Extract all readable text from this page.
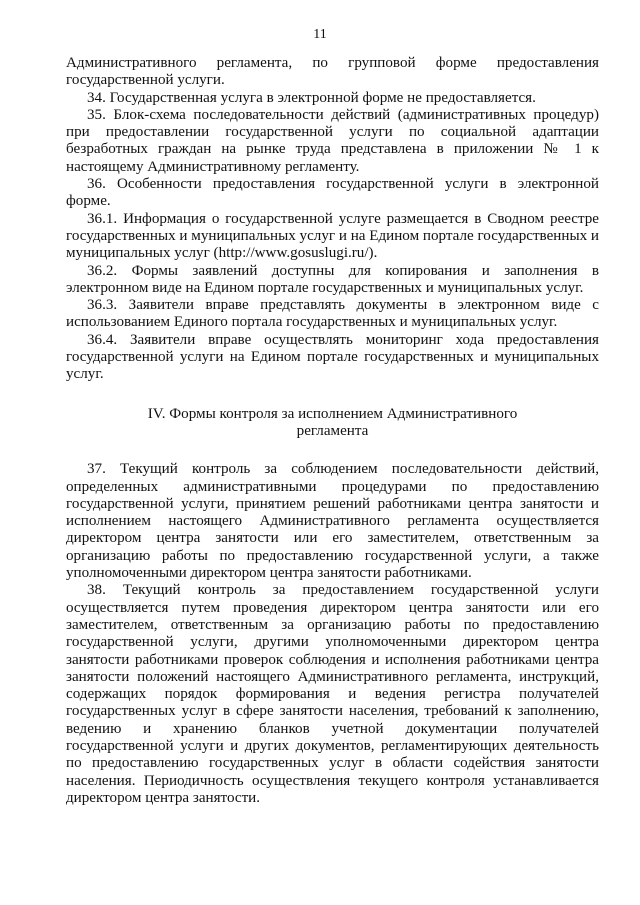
11

Административного регламента, по групповой форме предоставления государственной услуги.

34. Государственная услуга в электронной форме не предоставляется.

35. Блок-схема последовательности действий (административных процедур) при предоставлении государственной услуги по социальной адаптации безработных граждан на рынке труда представлена в приложении № 1 к настоящему Административному регламенту.

36. Особенности предоставления государственной услуги в электронной форме.

36.1. Информация о государственной услуге размещается в Сводном реестре государственных и муниципальных услуг и на Едином портале государственных и муниципальных услуг (http://www.gosuslugi.ru/).

36.2. Формы заявлений доступны для копирования и заполнения в электронном виде на Едином портале государственных и муниципальных услуг.

36.3. Заявители вправе представлять документы в электронном виде с использованием Единого портала государственных и муниципальных услуг.

36.4. Заявители вправе осуществлять мониторинг хода предоставления государственной услуги на Едином портале государственных и муниципальных услуг.

IV. Формы контроля за исполнением Административного
регламента

37. Текущий контроль за соблюдением последовательности действий, определенных административными процедурами по предоставлению государственной услуги, принятием решений работниками центра занятости и исполнением настоящего Административного регламента осуществляется директором центра занятости или его заместителем, ответственным за организацию работы по предоставлению государственной услуги, а также уполномоченными директором центра занятости работниками.

38. Текущий контроль за предоставлением государственной услуги осуществляется путем проведения директором центра занятости или его заместителем, ответственным за организацию работы по предоставлению государственной услуги, другими уполномоченными директором центра занятости работниками проверок соблюдения и исполнения работниками центра занятости положений настоящего Административного регламента, инструкций, содержащих порядок формирования и ведения регистра получателей государственных услуг в сфере занятости населения, требований к заполнению, ведению и хранению бланков учетной документации получателей государственной услуги и других документов, регламентирующих деятельность по предоставлению государственных услуг в области содействия занятости населения. Периодичность осуществления текущего контроля устанавливается директором центра занятости.
